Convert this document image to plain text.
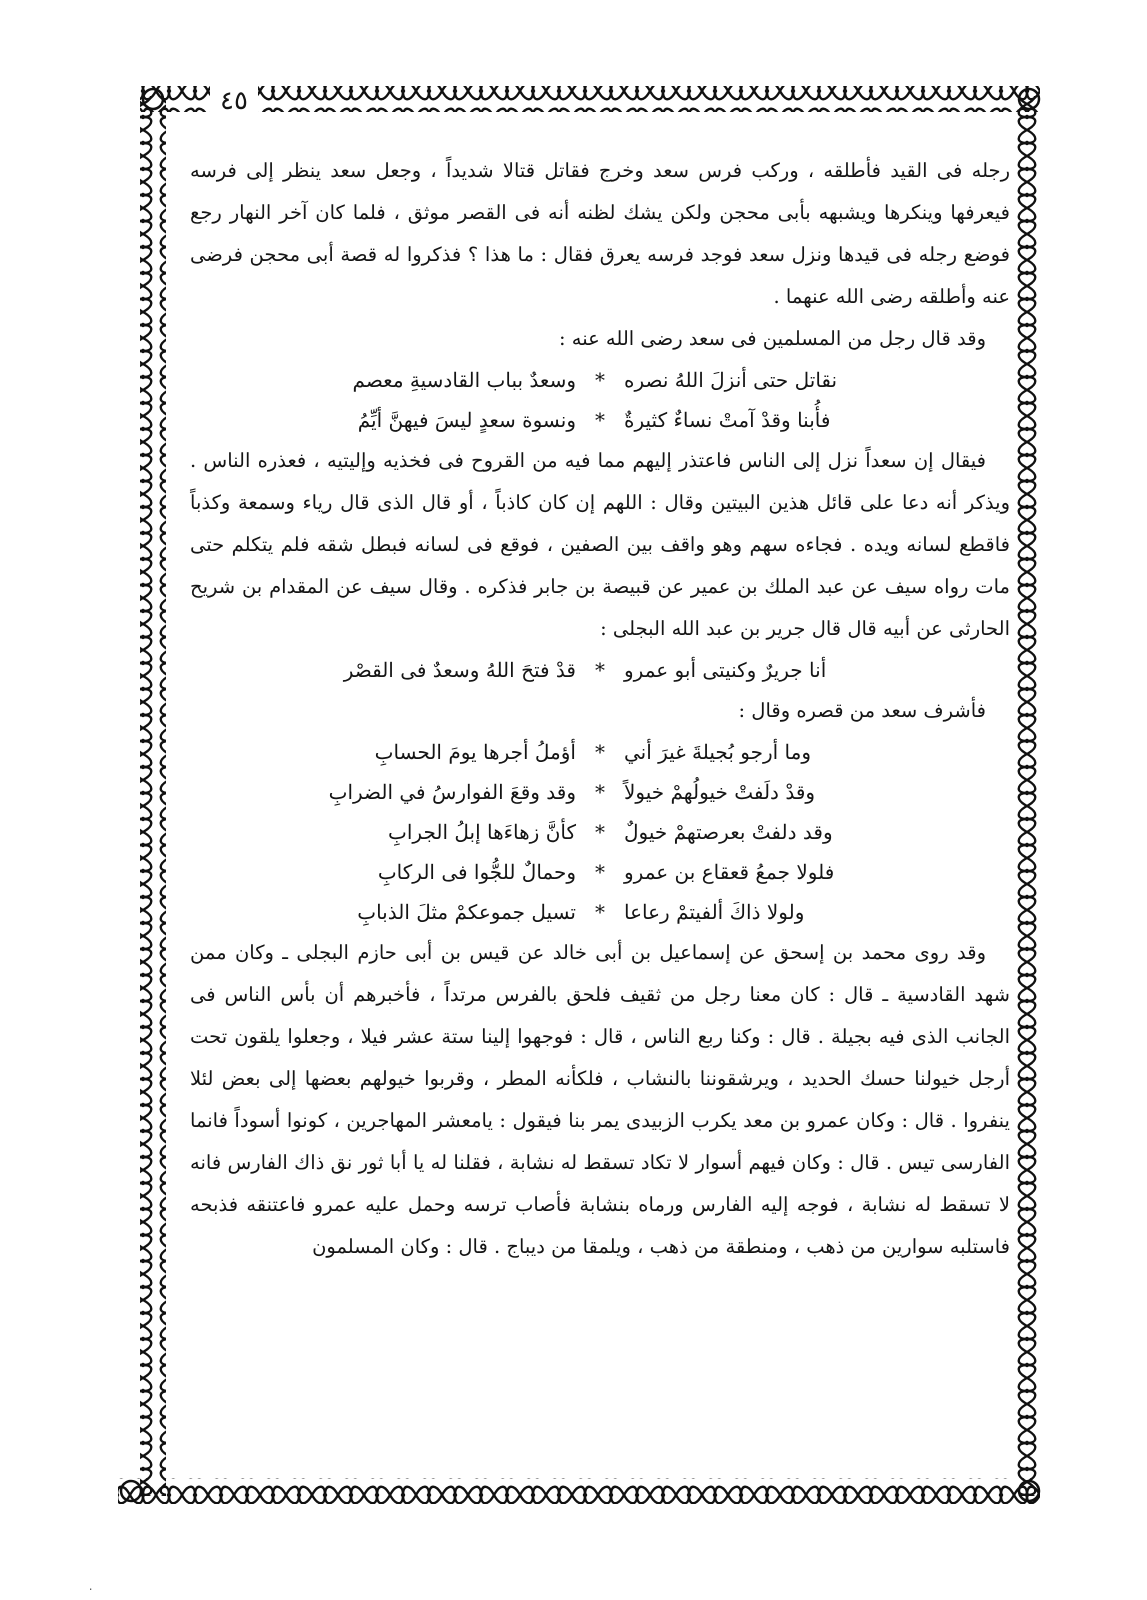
٤٥

رجله فى القيد فأطلقه ، وركب فرس سعد وخرج فقاتل قتالا شديداً ، وجعل سعد ينظر إلى فرسه فيعرفها وينكرها ويشبهه بأبى محجن ولكن يشك لظنه أنه فى القصر موثق ، فلما كان آخر النهار رجع فوضع رجله فى قيدها ونزل سعد فوجد فرسه يعرق فقال : ما هذا ؟ فذكروا له قصة أبى محجن فرضى عنه وأطلقه رضى الله عنهما .

وقد قال رجل من المسلمين فى سعد رضى الله عنه :

نقاتل حتى أنزلَ اللهُ نصره
*
وسعدٌ بباب القادسيةِ معصم
فأُبنا وقدْ آمتْ نساءٌ كثيرةٌ
*
ونسوة سعدٍ ليسَ فيهنَّ أيِّمُ

فيقال إن سعداً نزل إلى الناس فاعتذر إليهم مما فيه من القروح فى فخذيه وإليتيه ، فعذره الناس . ويذكر أنه دعا على قائل هذين البيتين وقال : اللهم إن كان كاذباً ، أو قال الذى قال رياء وسمعة وكذباً فاقطع لسانه ويده . فجاءه سهم وهو واقف بين الصفين ، فوقع فى لسانه فبطل شقه فلم يتكلم حتى مات رواه سيف عن عبد الملك بن عمير عن قبيصة بن جابر فذكره . وقال سيف عن المقدام بن شريح الحارثى عن أبيه قال قال جرير بن عبد الله البجلى :

أنا جريرٌ وكنيتى أبو عمرو
*
قدْ فتحَ اللهُ وسعدٌ فى القصْر

فأشرف سعد من قصره وقال :

وما أرجو بُجيلةَ غيرَ أني
*
أؤملُ أجرها يومَ الحسابِ
وقدْ دلَفتْ خيولُهمْ خيولاً
*
وقد وقعَ الفوارسُ في الضرابِ
وقد دلفتْ بعرصتهمْ خيولٌ
*
كأنَّ زهاءَها إبلُ الجرابِ
فلولا جمعُ قعقاع بن عمرو
*
وحمالٌ للجُّوا فى الركابِ
ولولا ذاكَ ألفيتمْ رعاعا
*
تسيل جموعكمْ مثلَ الذبابِ

وقد روى محمد بن إسحق عن إسماعيل بن أبى خالد عن قيس بن أبى حازم البجلى ـ وكان ممن شهد القادسية ـ قال : كان معنا رجل من ثقيف فلحق بالفرس مرتداً ، فأخبرهم أن بأس الناس فى الجانب الذى فيه بجيلة . قال : وكنا ربع الناس ، قال : فوجهوا إلينا ستة عشر فيلا ، وجعلوا يلقون تحت أرجل خيولنا حسك الحديد ، ويرشقوننا بالنشاب ، فلكأنه المطر ، وقربوا خيولهم بعضها إلى بعض لئلا ينفروا . قال : وكان عمرو بن معد يكرب الزبيدى يمر بنا فيقول : يامعشر المهاجرين ، كونوا أسوداً فانما الفارسى تيس . قال : وكان فيهم أسوار لا تكاد تسقط له نشابة ، فقلنا له يا أبا ثور نق ذاك الفارس فانه لا تسقط له نشابة ، فوجه إليه الفارس ورماه بنشابة فأصاب ترسه وحمل عليه عمرو فاعتنقه فذبحه فاستلبه سوارين من ذهب ، ومنطقة من ذهب ، ويلمقا من ديباج . قال : وكان المسلمون

٠
